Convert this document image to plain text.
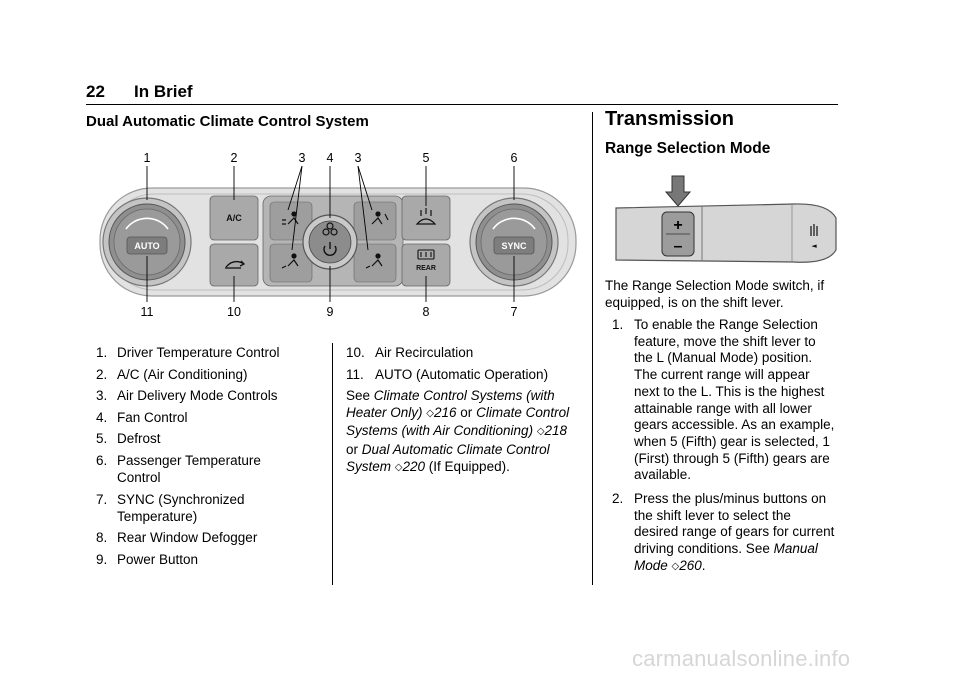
22 In Brief
Dual Automatic Climate Control System
1	2	3 4 3	5	6
11	10	9	8	7
AUTO	SYNC
A/C
REAR
1. Driver Temperature Control
2. A/C (Air Conditioning)
3. Air Delivery Mode Controls
4. Fan Control
5. Defrost
6. Passenger Temperature Control
7. SYNC (Synchronized Temperature)
8. Rear Window Defogger
9. Power Button
10. Air Recirculation
11. AUTO (Automatic Operation)

See Climate Control Systems (with Heater Only) ◇216 or Climate Control Systems (with Air Conditioning) ◇218 or Dual Automatic Climate Control System ◇220 (If Equipped).

Transmission
Range Selection Mode
+
–	◄

The Range Selection Mode switch, if equipped, is on the shift lever.

1. To enable the Range Selection feature, move the shift lever to the L (Manual Mode) position. The current range will appear next to the L. This is the highest attainable range with all lower gears accessible. As an example, when 5 (Fifth) gear is selected, 1 (First) through 5 (Fifth) gears are available.
2. Press the plus/minus buttons on the shift lever to select the desired range of gears for current driving conditions. See Manual Mode ◇260.
carmanualsonline.info
